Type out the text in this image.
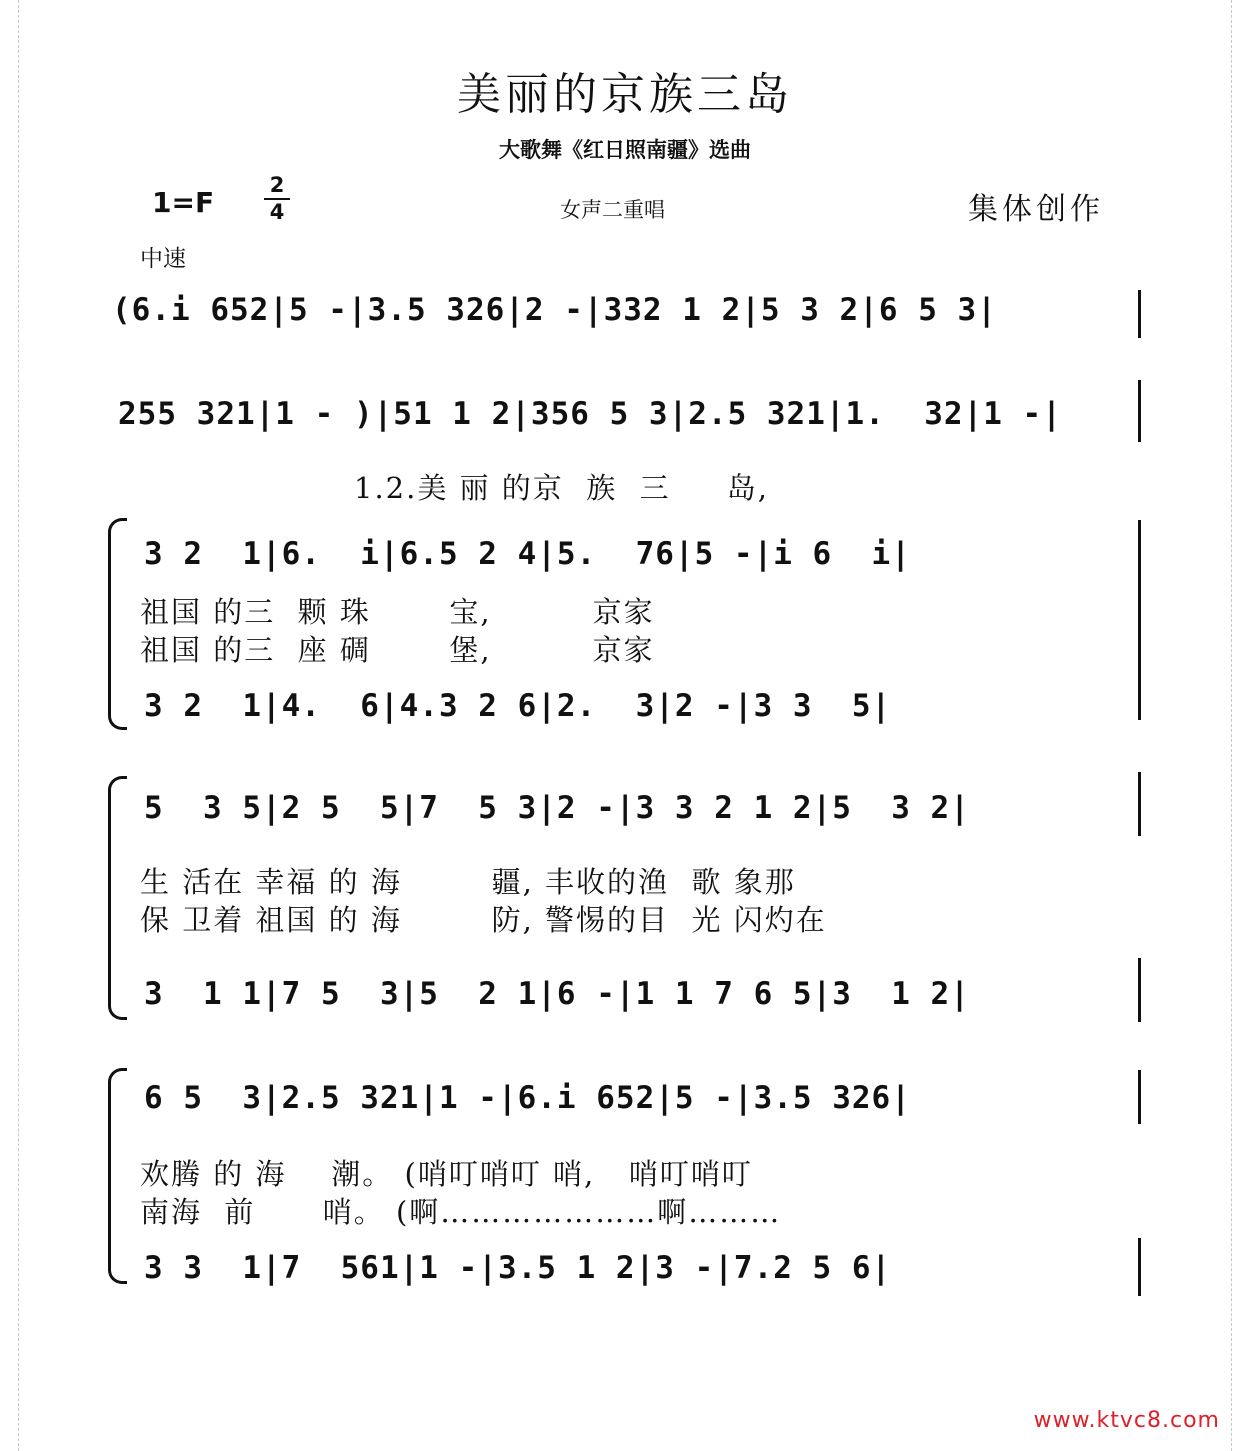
美丽的京族三岛
大歌舞《红日照南疆》选曲
1=F
2
4	女声二重唱	集体创作
中速
(6.i 652|5 -|3.5 326|2 -|332 1 2|5 3 2|6 5 3|
255 321|1 - )|51 1 2|356 5 3|2.5 321|1.  32|1 -|
1.2.美 丽 的京  族  三     岛,
3 2  1|6.  i|6.5 2 4|5.  76|5 -|i 6  i|
祖国 的三  颗 珠       宝,         京家
祖国 的三  座 碉       堡,         京家
3 2  1|4.  6|4.3 2 6|2.  3|2 -|3 3  5|
5  3 5|2 5  5|7  5 3|2 -|3 3 2 1 2|5  3 2|
生 活在 幸福 的 海        疆, 丰收的渔  歌 象那
保 卫着 祖国 的 海        防, 警惕的目  光 闪灼在
3  1 1|7 5  3|5  2 1|6 -|1 1 7 6 5|3  1 2|
6 5  3|2.5 321|1 -|6.i 652|5 -|3.5 326|
欢腾 的 海    潮。 (哨叮哨叮 哨,   哨叮哨叮
南海  前      哨。 (啊…………………啊………
3 3  1|7  561|1 -|3.5 1 2|3 -|7.2 5 6|
www.ktvc8.com
